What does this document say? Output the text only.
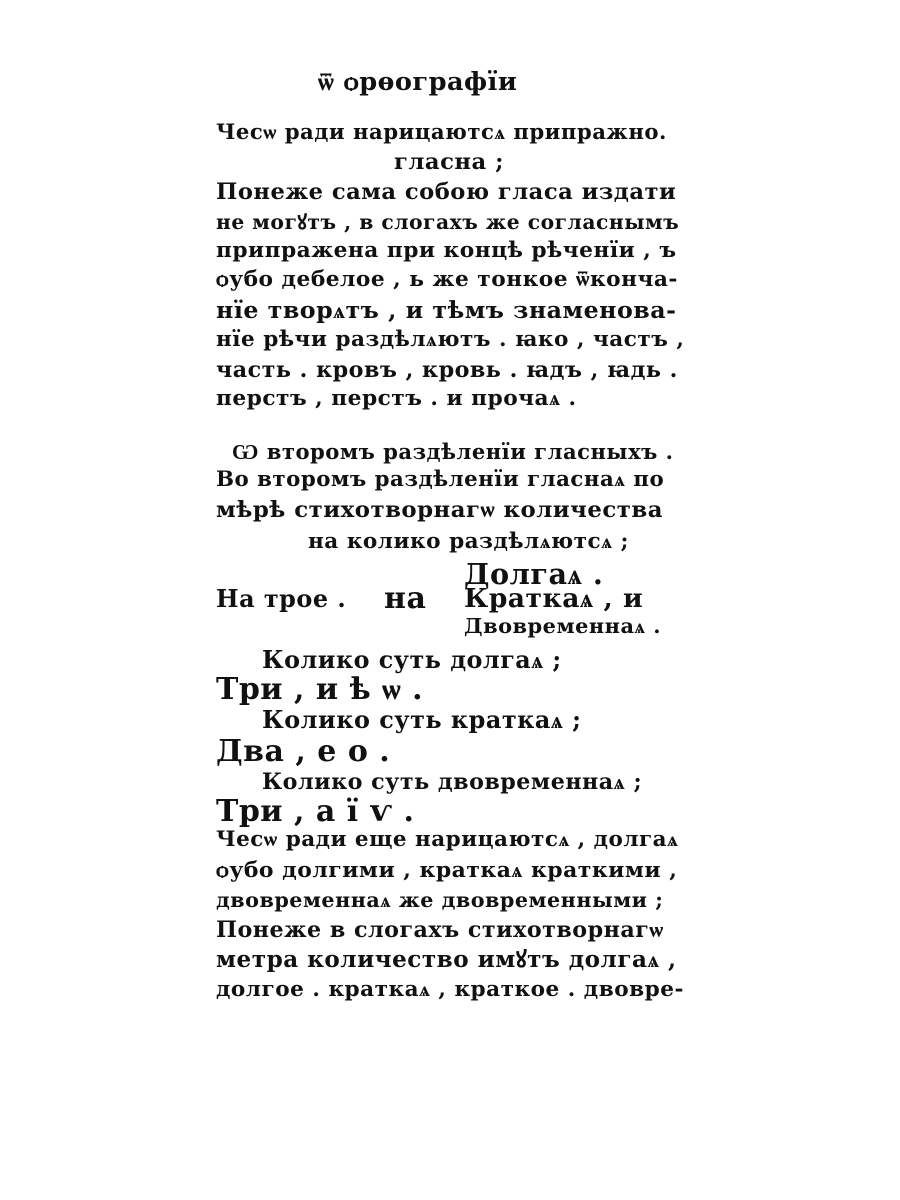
ѿ ѻрѳографїи
Чесѡ ради нарицаютсѧ припражно.
гласна ;
Понеже сама собою гласа издати
не могꙋтъ , в слогахъ же согласнымъ
припражена при концѣ рѣченїи , ъ
ѻубо дебелое , ь же тонкое ѿконча-
нїе творѧтъ , и тѣмъ знаменова-
нїе рѣчи раздѣлѧютъ . ꙗко , частъ ,
часть . кровъ , кровь . ꙗдъ , ꙗдь .
перстъ , перстъ . и прочаѧ .
Ѡ второмъ раздѣленїи гласныхъ .
Во второмъ раздѣленїи гласнаѧ по
мѣрѣ стихотворнагѡ количества
на колико раздѣлѧютсѧ ;
Долгаѧ .
На трое . на Краткаѧ , и
Двовременнаѧ .
Колико суть долгаѧ ;
Три , и ѣ ѡ .
Колико суть краткаѧ ;
Два , е о .
Колико суть двовременнаѧ ;
Три , а ї ѵ .
Чесѡ ради еще нарицаютсѧ , долгаѧ
ѻубо долгими , краткаѧ краткими ,
двовременнаѧ же двовременными ;
Понеже в слогахъ стихотворнагѡ
метра количество имꙋтъ долгаѧ ,
долгое . краткаѧ , краткое . двовре-
